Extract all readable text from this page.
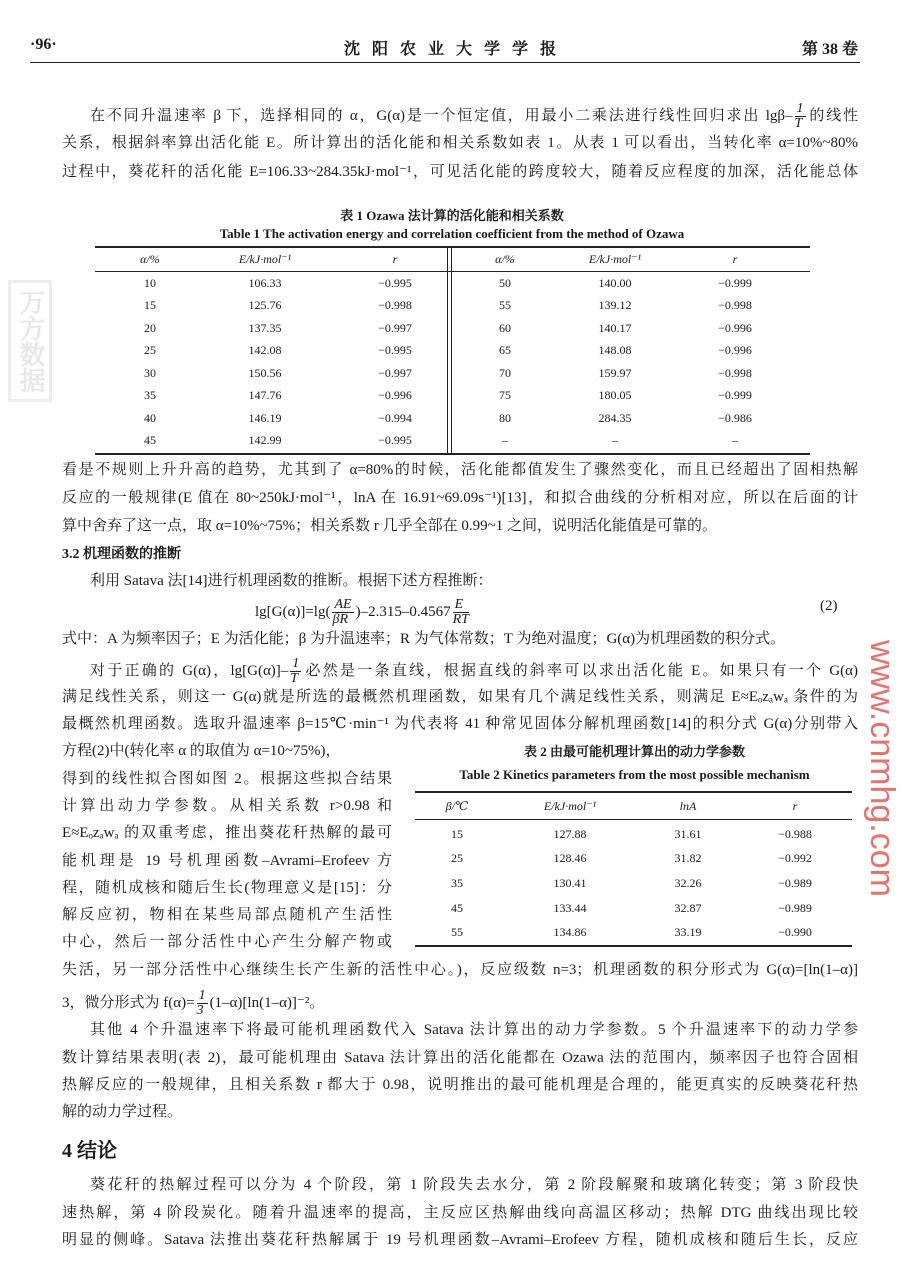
·96·	沈 阳 农 业 大 学 学 报	第 38 卷
3.2 机理函数的推断
4 结论
(2)
表 1 Ozawa 法计算的活化能和相关系数
Table 1 The activation energy and correlation coefficient from the method of Ozawa
α/%	E/kJ·mol⁻¹	r	α/%	E/kJ·mol⁻¹	r
10	106.33	−0.995	50	140.00	−0.999
15	125.76	−0.998	55	139.12	−0.998
20	137.35	−0.997	60	140.17	−0.996
25	142.08	−0.995	65	148.08	−0.996
30	150.56	−0.997	70	159.97	−0.998
35	147.76	−0.996	75	180.05	−0.999
40	146.19	−0.994	80	284.35	−0.986
45	142.99	−0.995	–	–	–
表 2 由最可能机理计算出的动力学参数
Table 2 Kinetics parameters from the most possible mechanism
β/℃	E/kJ·mol⁻¹	lnA	r
15	127.88	31.61	−0.988
25	128.46	31.82	−0.992
35	130.41	32.26	−0.989
45	133.44	32.87	−0.989
55	134.86	33.19	−0.990
在不同升温速率 β 下，选择相同的 α，G(α)是一个恒定值，用最小二乘法进行线性回归求出 $\lg\beta- \frac{1}{T}$ 的线性
关系，根据斜率算出活化能 E。所计算出的活化能和相关系数如表 1。从表 1 可以看出，当转化率 α=10%~80%
过程中，葵花秆的活化能 E=106.33~284.35kJ·mol⁻¹，可见活化能的跨度较大，随着反应程度的加深，活化能总体
看是不规则上升升高的趋势，尤其到了 α=80%的时候，活化能都值发生了骤然变化，而且已经超出了固相热解
反应的一般规律(E 值在 80~250kJ·mol⁻¹，lnA 在 16.91~69.09s⁻¹)[13]，和拟合曲线的分析相对应，所以在后面的计
算中舍弃了这一点，取 α=10%~75%；相关系数 r 几乎全部在 0.99~1 之间，说明活化能值是可靠的。
利用 Satava 法[14]进行机理函数的推断。根据下述方程推断：
$\lg[G(\alpha)]=\lg( \frac{AE}{\beta R} )-2.315-0.4567 \frac{E}{RT}$
式中：A 为频率因子；E 为活化能；β 为升温速率；R 为气体常数；T 为绝对温度；G(α)为机理函数的积分式。
对于正确的 G(α)，$\lg[G(\alpha)]- \frac{1}{T}$ 必然是一条直线，根据直线的斜率可以求出活化能 E。如果只有一个 G(α)
满足线性关系，则这一 G(α)就是所选的最概然机理函数，如果有几个满足线性关系，则满足 E≈Eₒzₐwₐ 条件的为
最概然机理函数。选取升温速率 β=15℃·min⁻¹ 为代表将 41 种常见固体分解机理函数[14]的积分式 G(α)分别带入
方程(2)中(转化率 α 的取值为 α=10~75%)，
得到的线性拟合图如图 2。根据这些拟合结果
计算出动力学参数。从相关系数 r>0.98 和
E≈Eₒzₐwₐ 的双重考虑，推出葵花秆热解的最可
能机理是 19 号机理函数–Avrami–Erofeev 方
程，随机成核和随后生长(物理意义是[15]：分
解反应初，物相在某些局部点随机产生活性
中心，然后一部分活性中心产生分解产物或
失活，另一部分活性中心继续生长产生新的活性中心。)，反应级数 n=3；机理函数的积分形式为 G(α)=[ln(1–α)]
3，微分形式为 $f(\alpha)= \frac{1}{3} (1-\alpha)[\ln(1-\alpha)]^{-2}$。
其他 4 个升温速率下将最可能机理函数代入 Satava 法计算出的动力学参数。5 个升温速率下的动力学参
数计算结果表明(表 2)，最可能机理由 Satava 法计算出的活化能都在 Ozawa 法的范围内，频率因子也符合固相
热解反应的一般规律，且相关系数 r 都大于 0.98，说明推出的最可能机理是合理的，能更真实的反映葵花秆热
解的动力学过程。
葵花秆的热解过程可以分为 4 个阶段，第 1 阶段失去水分，第 2 阶段解聚和玻璃化转变；第 3 阶段快
速热解，第 4 阶段炭化。随着升温速率的提高，主反应区热解曲线向高温区移动；热解 DTG 曲线出现比较
明显的侧峰。Satava 法推出葵花秆热解属于 19 号机理函数–Avrami–Erofeev 方程，随机成核和随后生长，反应
www.cnmhg.com
万方数据
